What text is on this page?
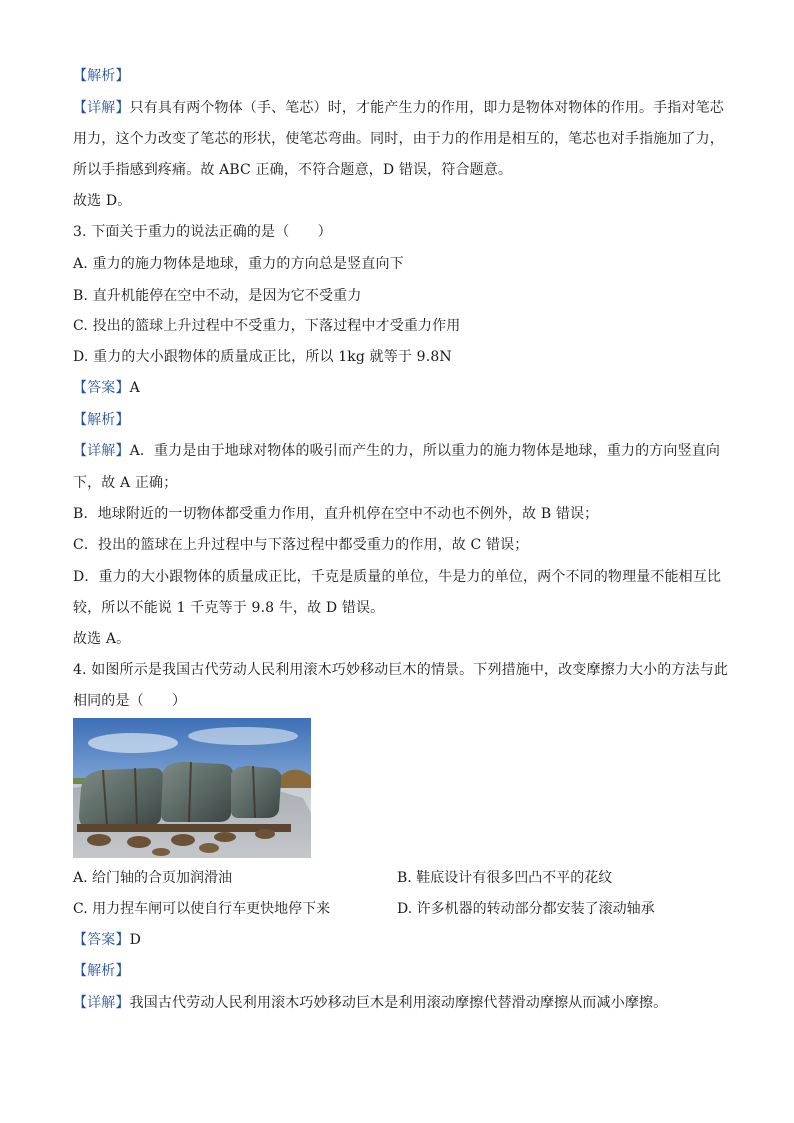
【解析】
【详解】只有具有两个物体（手、笔芯）时，才能产生力的作用，即力是物体对物体的作用。手指对笔芯
用力，这个力改变了笔芯的形状，使笔芯弯曲。同时，由于力的作用是相互的，笔芯也对手指施加了力，
所以手指感到疼痛。故 ABC 正确，不符合题意，D 错误，符合题意。
故选 D。
3. 下面关于重力的说法正确的是（　　）
A. 重力的施力物体是地球，重力的方向总是竖直向下
B. 直升机能停在空中不动，是因为它不受重力
C. 投出的篮球上升过程中不受重力，下落过程中才受重力作用
D. 重力的大小跟物体的质量成正比，所以 1kg 就等于 9.8N
【答案】A
【解析】
【详解】A．重力是由于地球对物体的吸引而产生的力，所以重力的施力物体是地球，重力的方向竖直向
下，故 A 正确；
B．地球附近的一切物体都受重力作用，直升机停在空中不动也不例外，故 B 错误；
C．投出的篮球在上升过程中与下落过程中都受重力的作用，故 C 错误；
D．重力的大小跟物体的质量成正比，千克是质量的单位，牛是力的单位，两个不同的物理量不能相互比
较，所以不能说 1 千克等于 9.8 牛，故 D 错误。
故选 A。
4. 如图所示是我国古代劳动人民利用滚木巧妙移动巨木的情景。下列措施中，改变摩擦力大小的方法与此
相同的是（　　）
A. 给门轴的合页加润滑油	B. 鞋底设计有很多凹凸不平的花纹
C. 用力捏车闸可以使自行车更快地停下来	D. 许多机器的转动部分都安装了滚动轴承
【答案】D
【解析】
【详解】我国古代劳动人民利用滚木巧妙移动巨木是利用滚动摩擦代替滑动摩擦从而减小摩擦。
